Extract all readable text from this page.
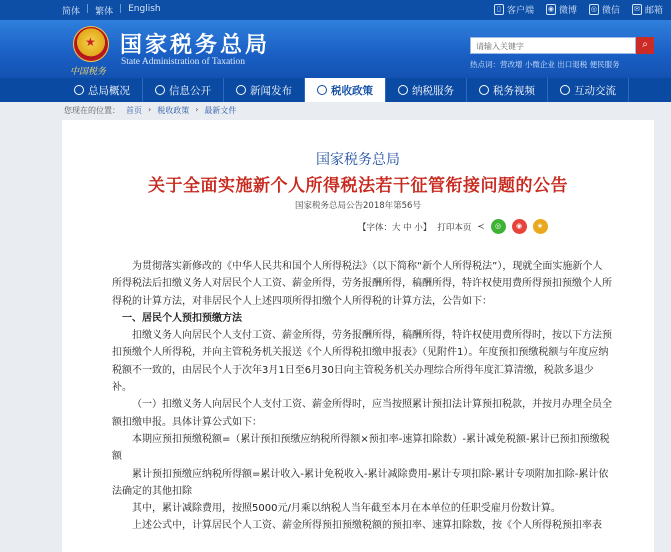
简体 | 繁体 | English	▯ 客户端 ◉ 微博 ◎ 微信 ✉ 邮箱
★
中国税务
国家税务总局
State Administration of Taxation
请输入关键字	⌕
热点词：营改增 小微企业 出口退税 便民服务
总局概况	信息公开	新闻发布	税收政策	纳税服务	税务视频	互动交流
您现在的位置： 首页 › 税收政策 › 最新文件
国家税务总局
关于全面实施新个人所得税法若干征管衔接问题的公告
国家税务总局公告2018年第56号
【字体：大 中 小】 打印本页 ≺	◎	◉	★

为贯彻落实新修改的《中华人民共和国个人所得税法》（以下简称“新个人所得税法”），现就全面实施新个人所得税法后扣缴义务人对居民个人工资、薪金所得，劳务报酬所得，稿酬所得，特许权使用费所得预扣预缴个人所得税的计算方法，对非居民个人上述四项所得扣缴个人所得税的计算方法，公告如下：

一、居民个人预扣预缴方法

扣缴义务人向居民个人支付工资、薪金所得，劳务报酬所得，稿酬所得，特许权使用费所得时，按以下方法预扣预缴个人所得税，并向主管税务机关报送《个人所得税扣缴申报表》（见附件1）。年度预扣预缴税额与年度应纳税额不一致的，由居民个人于次年3月1日至6月30日向主管税务机关办理综合所得年度汇算清缴，税款多退少补。

（一）扣缴义务人向居民个人支付工资、薪金所得时，应当按照累计预扣法计算预扣税款，并按月办理全员全额扣缴申报。具体计算公式如下：

本期应预扣预缴税额=（累计预扣预缴应纳税所得额×预扣率-速算扣除数）-累计减免税额-累计已预扣预缴税额

累计预扣预缴应纳税所得额=累计收入-累计免税收入-累计减除费用-累计专项扣除-累计专项附加扣除-累计依法确定的其他扣除

其中，累计减除费用，按照5000元/月乘以纳税人当年截至本月在本单位的任职受雇月份数计算。

上述公式中，计算居民个人工资、薪金所得预扣预缴税额的预扣率、速算扣除数，按《个人所得税预扣率表
